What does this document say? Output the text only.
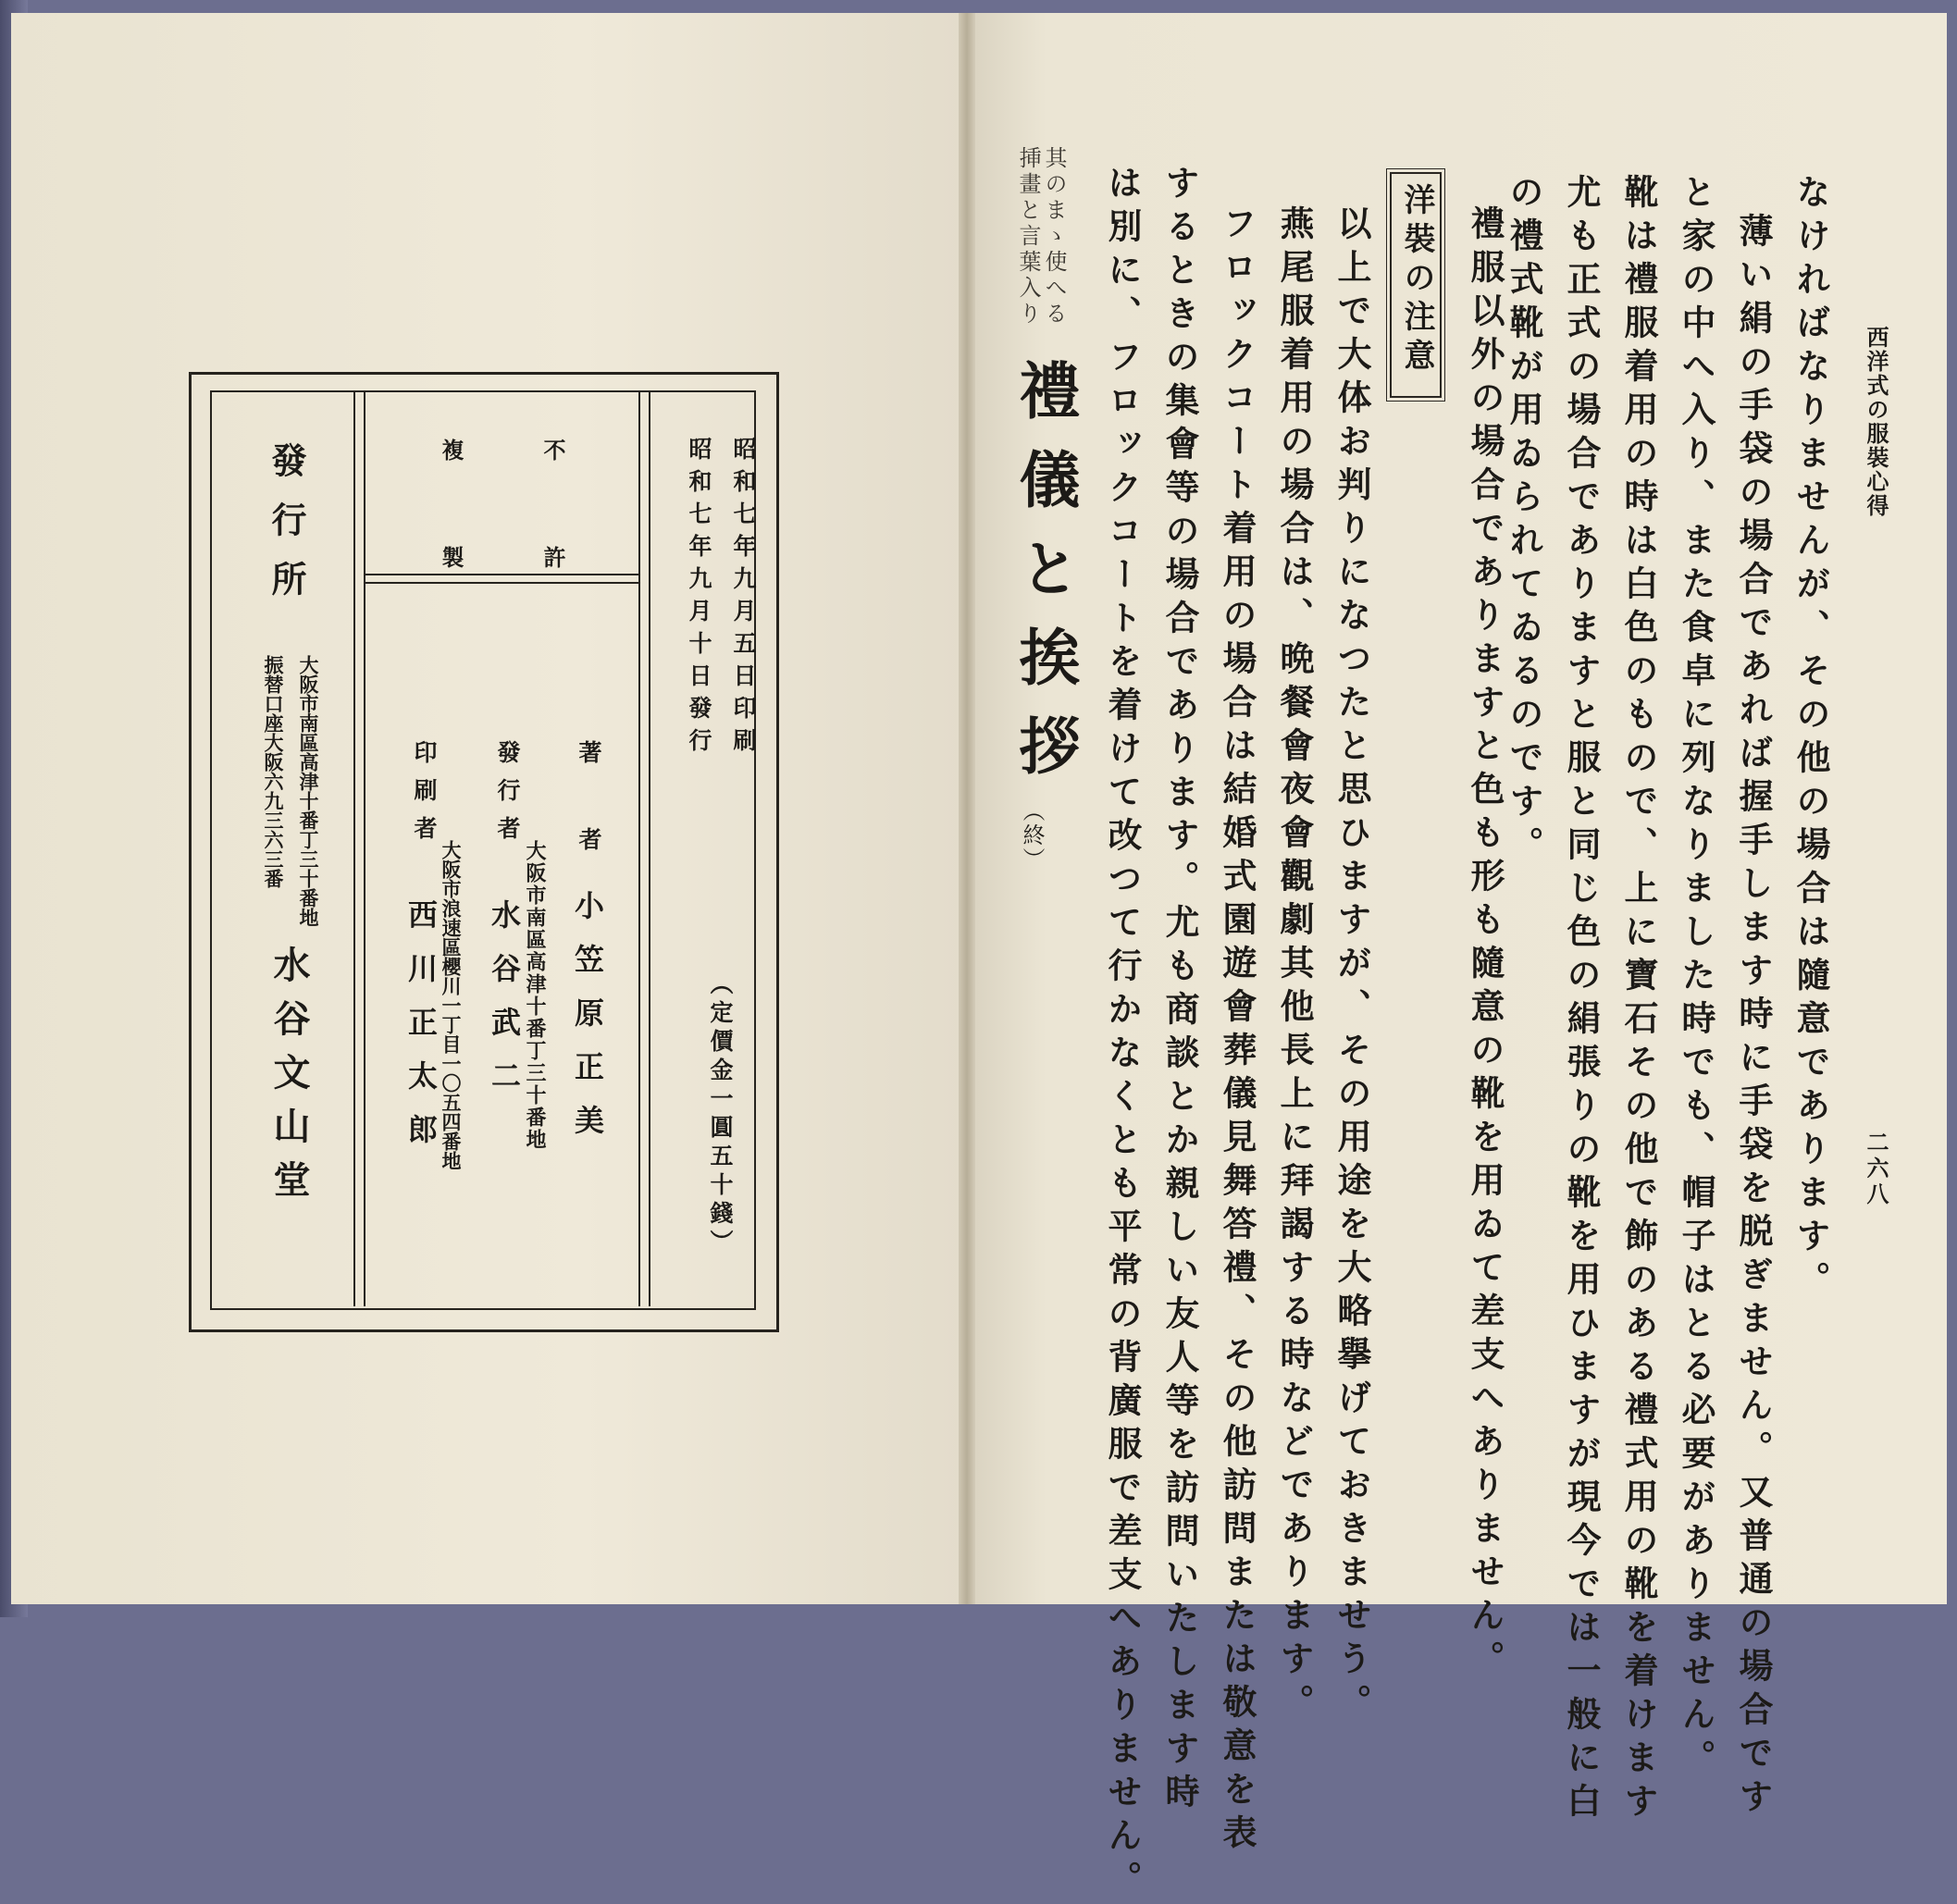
西洋式の服裝心得
二六八
なければなりませんが、その他の場合は隨意であります。
薄い絹の手袋の場合であれば握手します時に手袋を脱ぎません。又普通の場合です
と家の中へ入り、また食卓に列なりました時でも、帽子はとる必要がありません。
靴は禮服着用の時は白色のもので、上に寶石その他で飾のある禮式用の靴を着けます
尤も正式の場合でありますと服と同じ色の絹張りの靴を用ひますが現今では一般に白
の禮式靴が用ゐられてゐるのです。
禮服以外の場合でありますと色も形も隨意の靴を用ゐて差支へありません。
洋裝の注意
以上で大体お判りになつたと思ひますが、その用途を大略擧げておきませう。
燕尾服着用の場合は、晩餐會夜會觀劇其他長上に拜謁する時などであります。
フロックコート着用の場合は結婚式園遊會葬儀見舞答禮、その他訪問または敬意を表
するときの集會等の場合であります。尤も商談とか親しい友人等を訪問いたします時
は別に、フロックコートを着けて改つて行かなくとも平常の背廣服で差支へありません。
其のまゝ使へる
挿畫と言葉入り
禮儀と挨拶
（終）
昭和七年九月五日印刷
昭和七年九月十日發行
（定價金一圓五十錢）
不　許
複　製
著　者
小笠原正美
發行者
大阪市南區高津十番丁三十番地
水谷武二
印刷者
大阪市浪速區櫻川一丁目一〇五四番地
西川正太郎
發行所
大阪市南區高津十番丁三十番地
振替口座大阪六九三六三番
水谷文山堂
